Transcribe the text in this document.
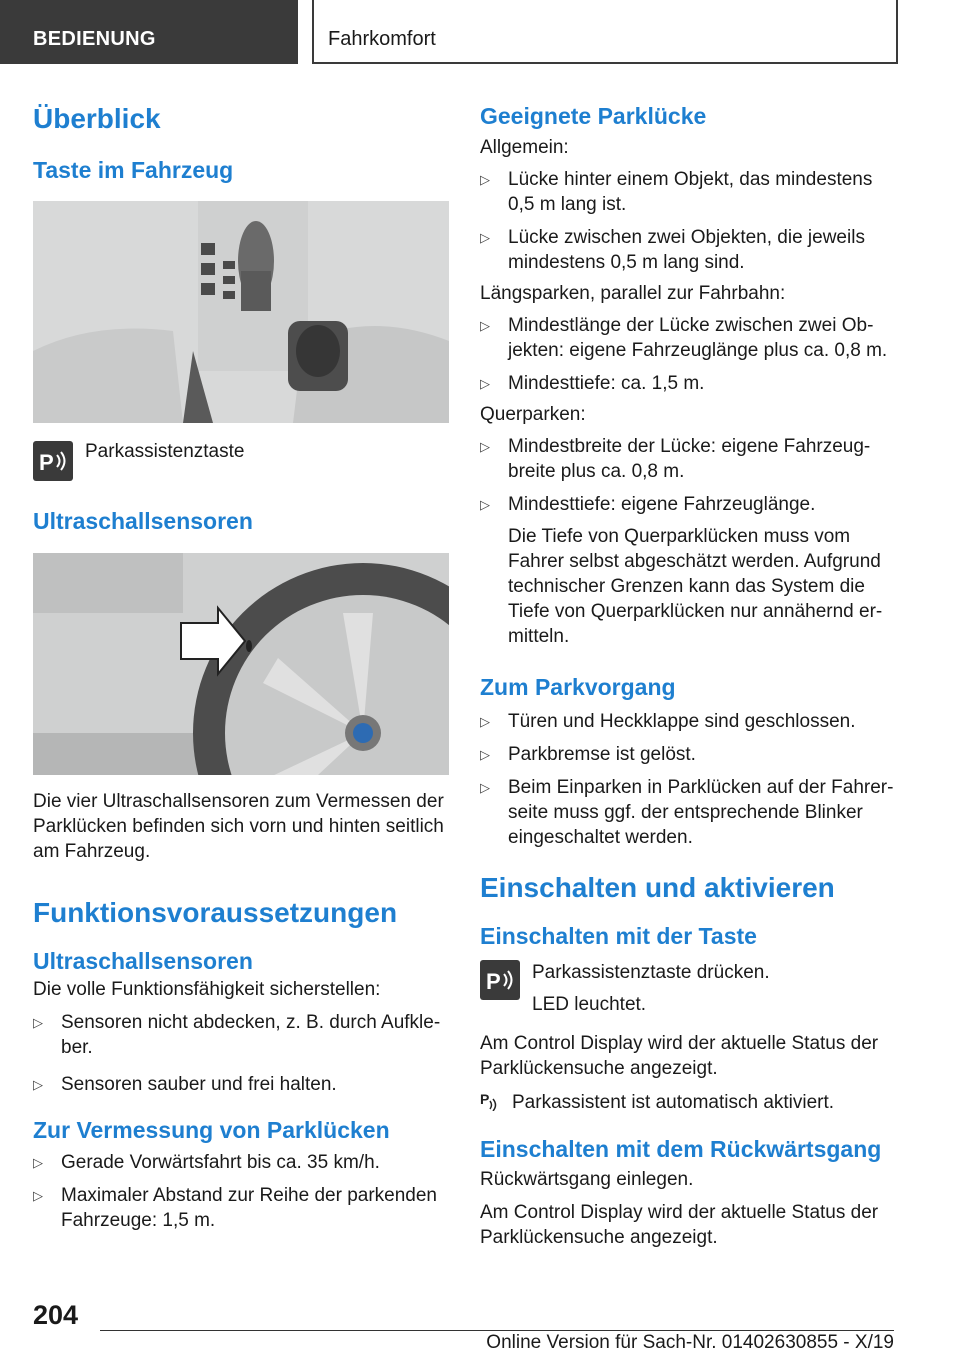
BEDIENUNG	Fahrkomfort
Überblick
Taste im Fahrzeug
P Parkassistenztaste

Ultraschallsensoren

Die vier Ultraschallsensoren zum Vermessen der Parklücken befinden sich vorn und hinten seitlich am Fahrzeug.

Funktionsvoraussetzungen
Ultraschallsensoren

Die volle Funktionsfähigkeit sicherstellen:

▷ Sensoren nicht abdecken, z. B. durch Aufkle-ber.
▷ Sensoren sauber und frei halten.
Zur Vermessung von Parklücken
▷ Gerade Vorwärtsfahrt bis ca. 35 km/h.
▷ Maximaler Abstand zur Reihe der parkenden Fahrzeuge: 1,5 m.
Geeignete Parklücke

Allgemein:

▷ Lücke hinter einem Objekt, das mindestens 0,5 m lang ist.
▷ Lücke zwischen zwei Objekten, die jeweils mindestens 0,5 m lang sind.

Längsparken, parallel zur Fahrbahn:

▷ Mindestlänge der Lücke zwischen zwei Ob-jekten: eigene Fahrzeuglänge plus ca. 0,8 m.
▷ Mindesttiefe: ca. 1,5 m.

Querparken:

▷ Mindestbreite der Lücke: eigene Fahrzeug-breite plus ca. 0,8 m.
▷ Mindesttiefe: eigene Fahrzeuglänge.

Die Tiefe von Querparklücken muss vom Fahrer selbst abgeschätzt werden. Aufgrund technischer Grenzen kann das System die Tiefe von Querparklücken nur annähernd er-mitteln.

Zum Parkvorgang
▷ Türen und Heckklappe sind geschlossen.
▷ Parkbremse ist gelöst.
▷ Beim Einparken in Parklücken auf der Fahrer-seite muss ggf. der entsprechende Blinker eingeschaltet werden.
Einschalten und aktivieren
Einschalten mit der Taste
P Parkassistenztaste drücken.

LED leuchtet.

Am Control Display wird der aktuelle Status der Parklückensuche angezeigt.

P Parkassistent ist automatisch aktiviert.

Einschalten mit dem Rückwärtsgang

Rückwärtsgang einlegen.

Am Control Display wird der aktuelle Status der Parklückensuche angezeigt.

204
Online Version für Sach-Nr. 01402630855 - X/19
